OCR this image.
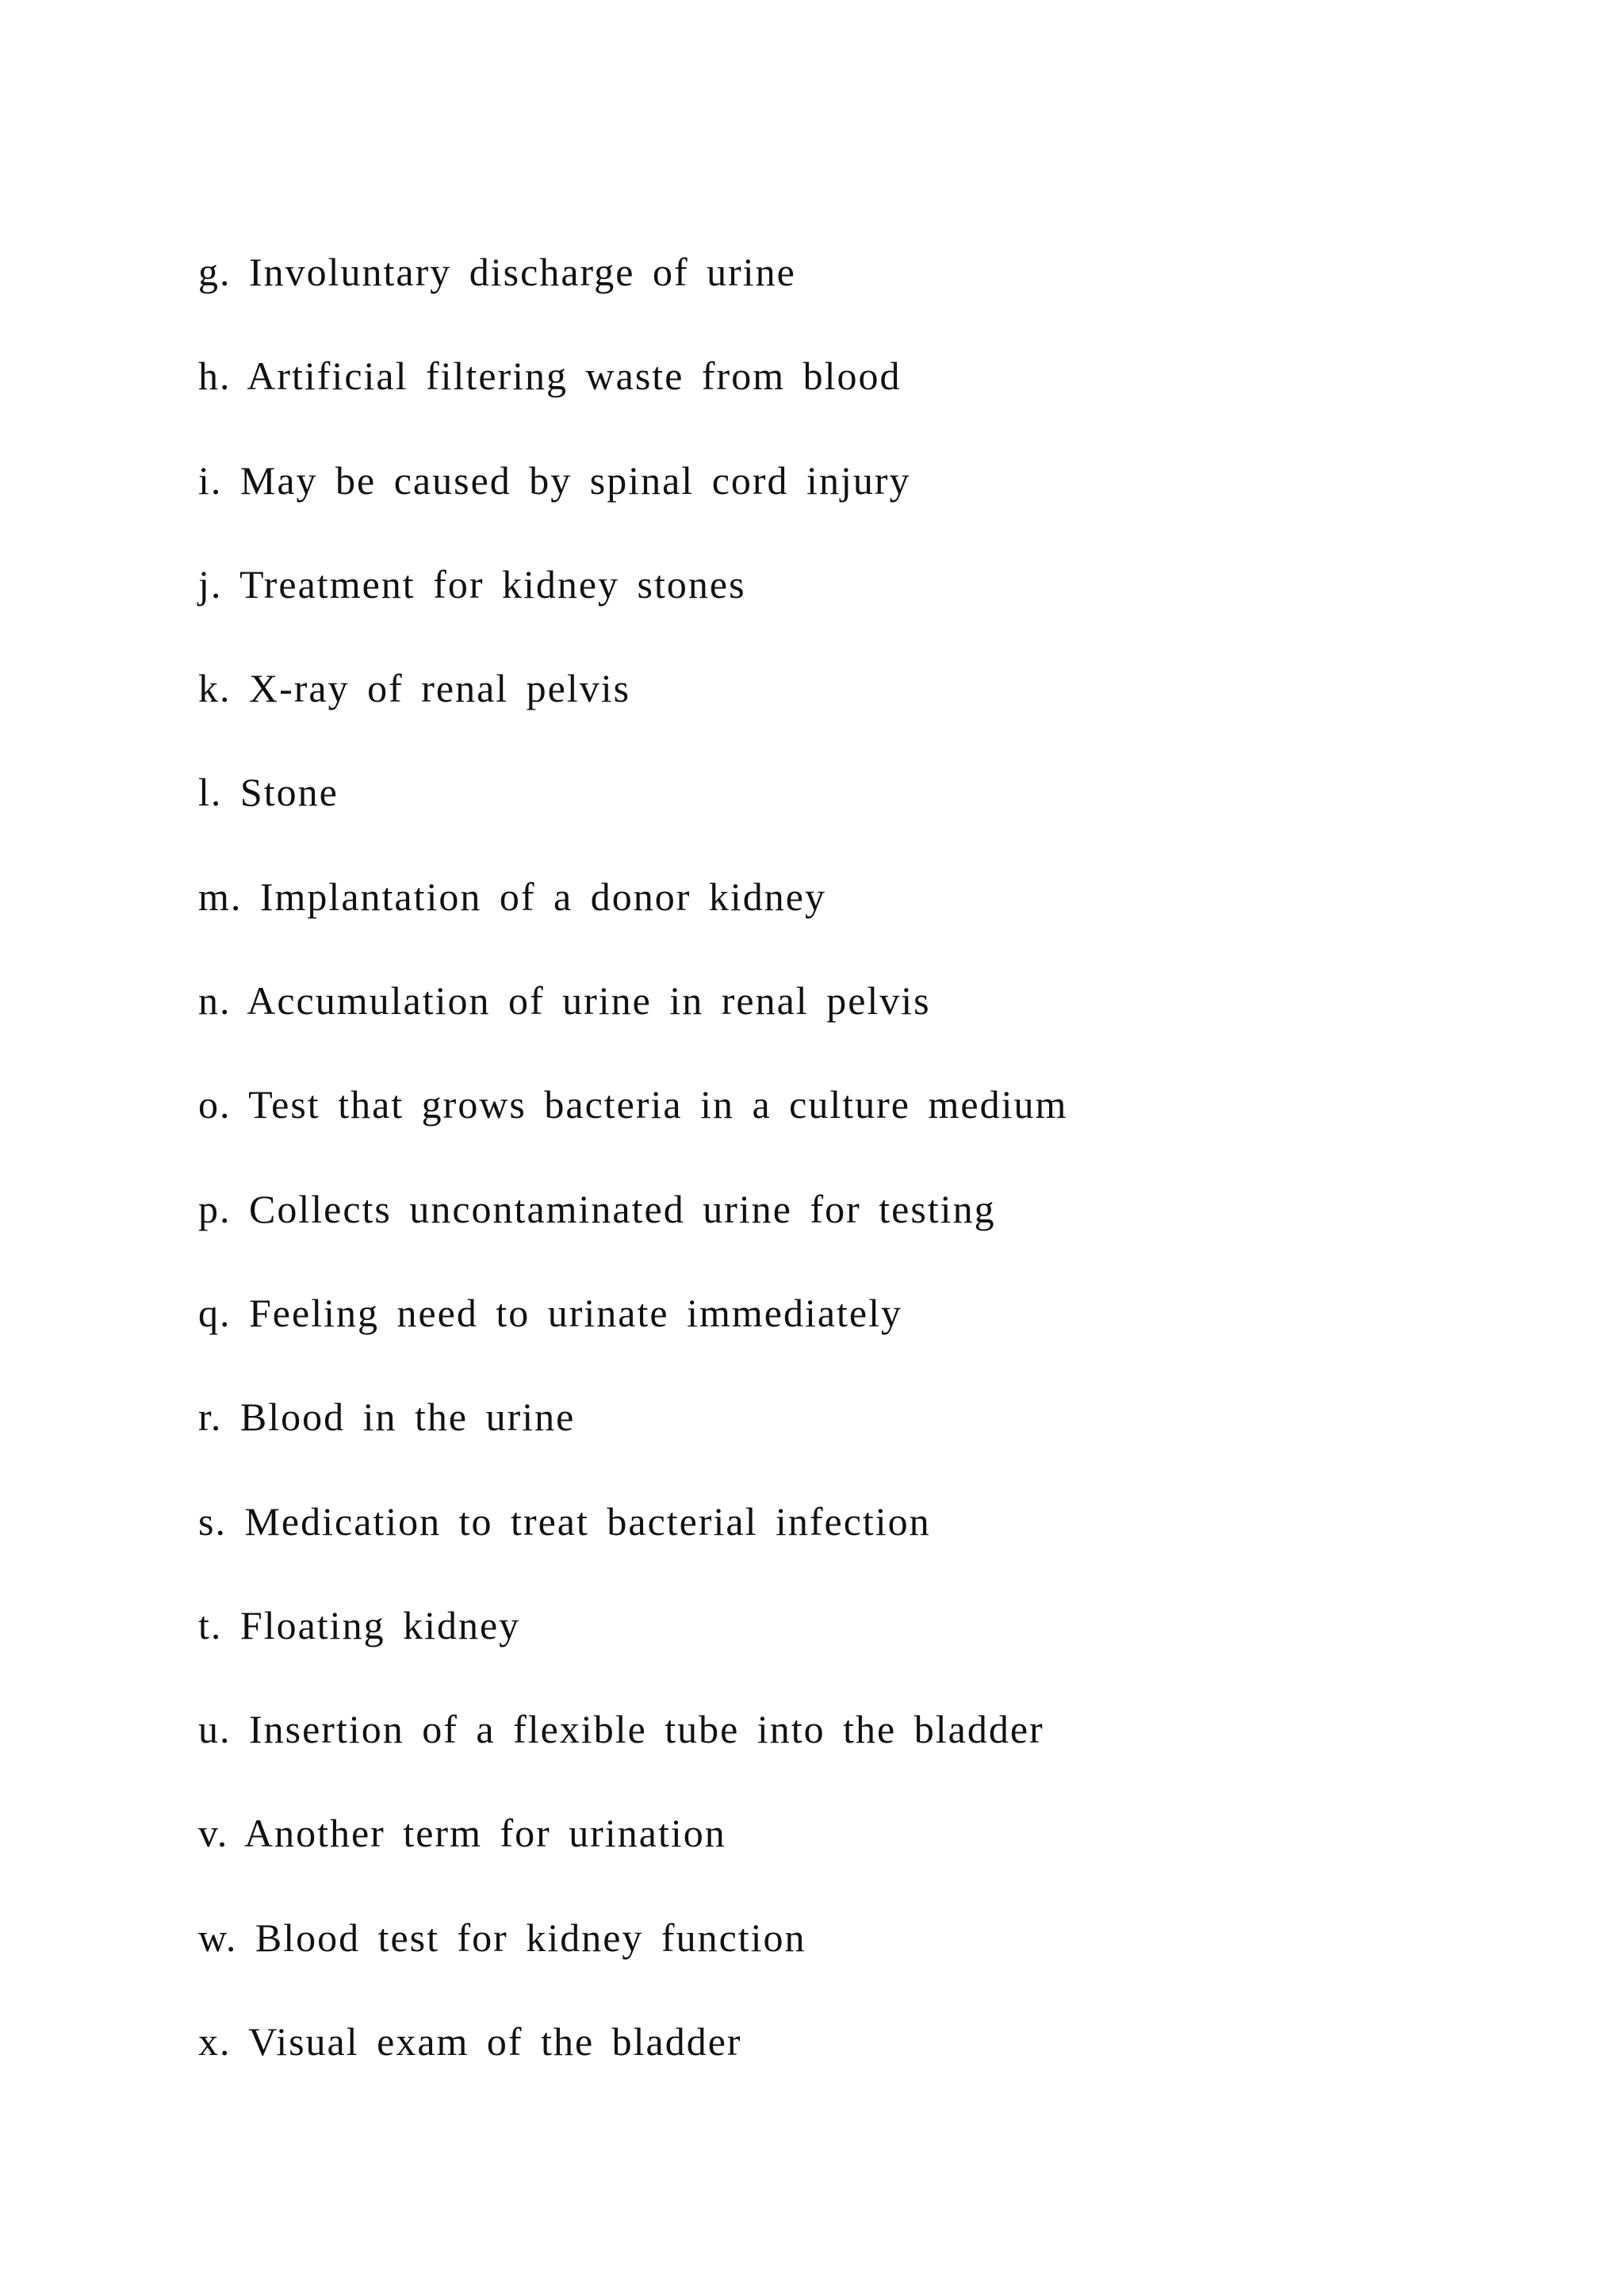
g. Involuntary discharge of urine
h. Artificial filtering waste from blood
i. May be caused by spinal cord injury
j. Treatment for kidney stones
k. X-ray of renal pelvis
l. Stone
m. Implantation of a donor kidney
n. Accumulation of urine in renal pelvis
o. Test that grows bacteria in a culture medium
p. Collects uncontaminated urine for testing
q. Feeling need to urinate immediately
r. Blood in the urine
s. Medication to treat bacterial infection
t. Floating kidney
u. Insertion of a flexible tube into the bladder
v. Another term for urination
w. Blood test for kidney function
x. Visual exam of the bladder
